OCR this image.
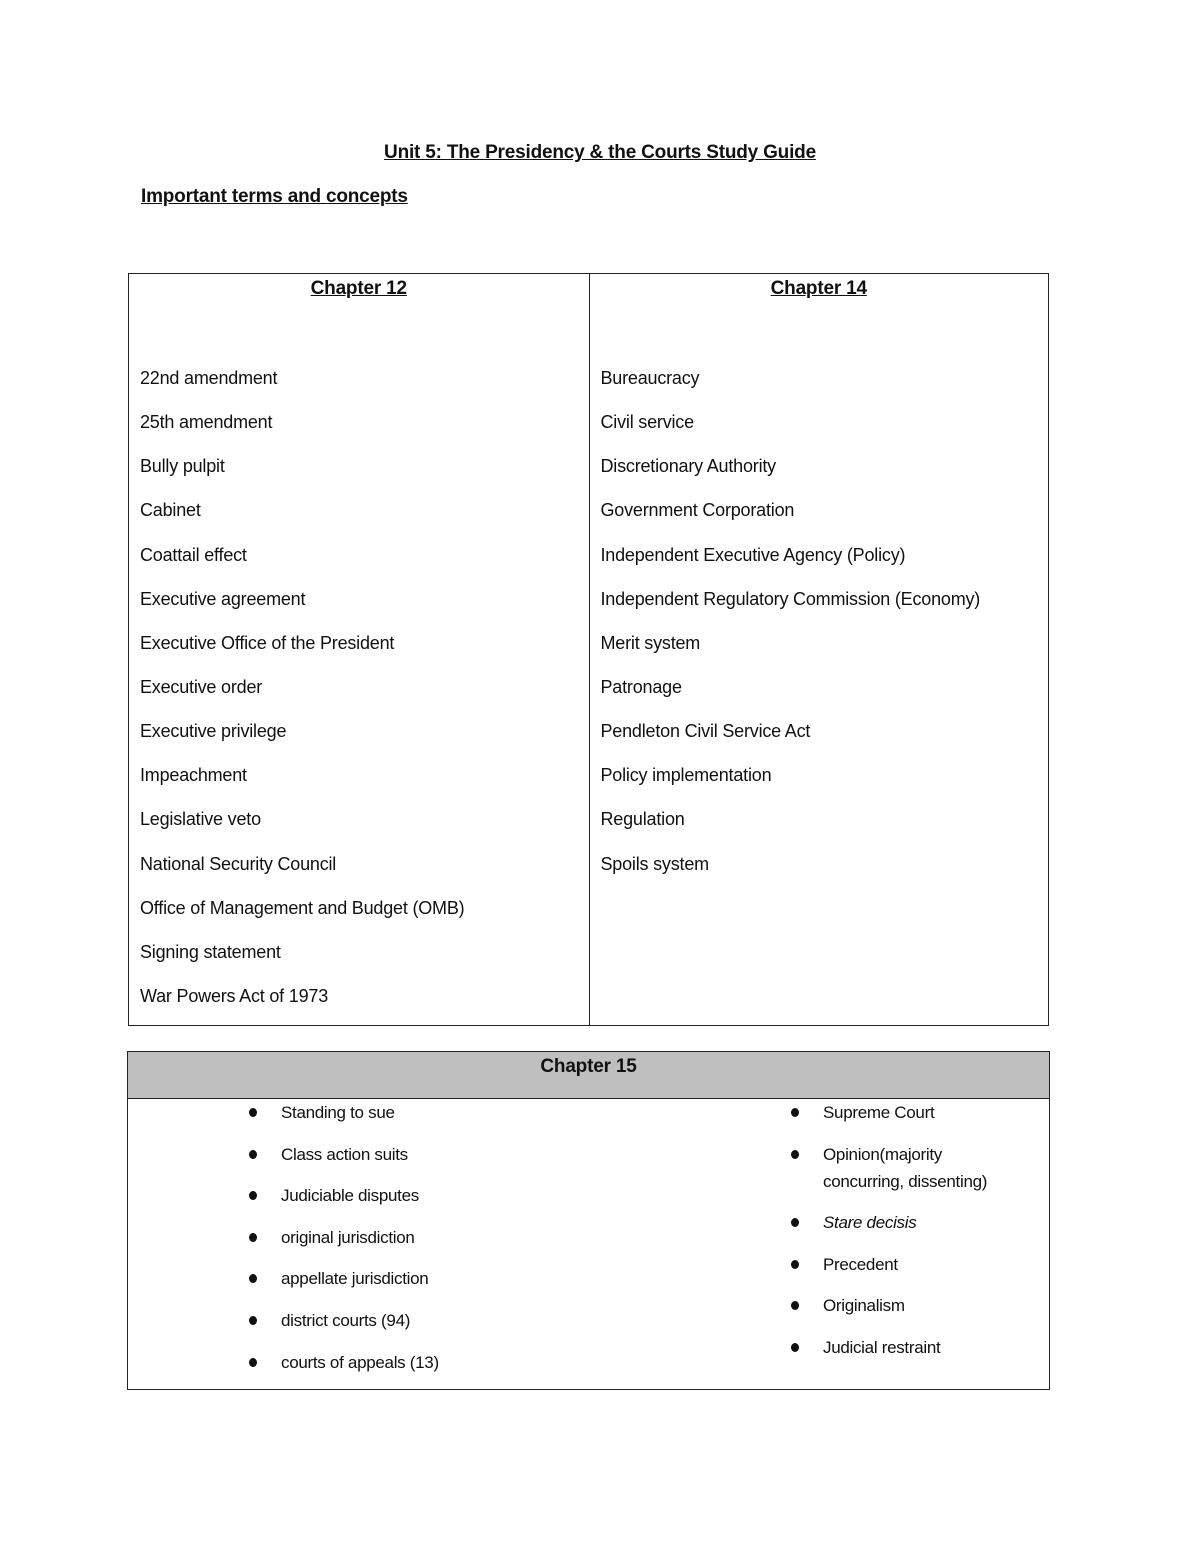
Unit 5: The Presidency & the Courts Study Guide
Important terms and concepts
Chapter 12
22nd amendment
25th amendment
Bully pulpit
Cabinet
Coattail effect
Executive agreement
Executive Office of the President
Executive order
Executive privilege
Impeachment
Legislative veto
National Security Council
Office of Management and Budget (OMB)
Signing statement
War Powers Act of 1973
Chapter 14
Bureaucracy
Civil service
Discretionary Authority
Government Corporation
Independent Executive Agency (Policy)
Independent Regulatory Commission (Economy)
Merit system
Patronage
Pendleton Civil Service Act
Policy implementation
Regulation
Spoils system
Chapter 15
Standing to sue
Class action suits
Judiciable disputes
original jurisdiction
appellate jurisdiction
district courts (94)
courts of appeals (13)
Supreme Court
Opinion(majority concurring, dissenting)
Stare decisis
Precedent
Originalism
Judicial restraint
